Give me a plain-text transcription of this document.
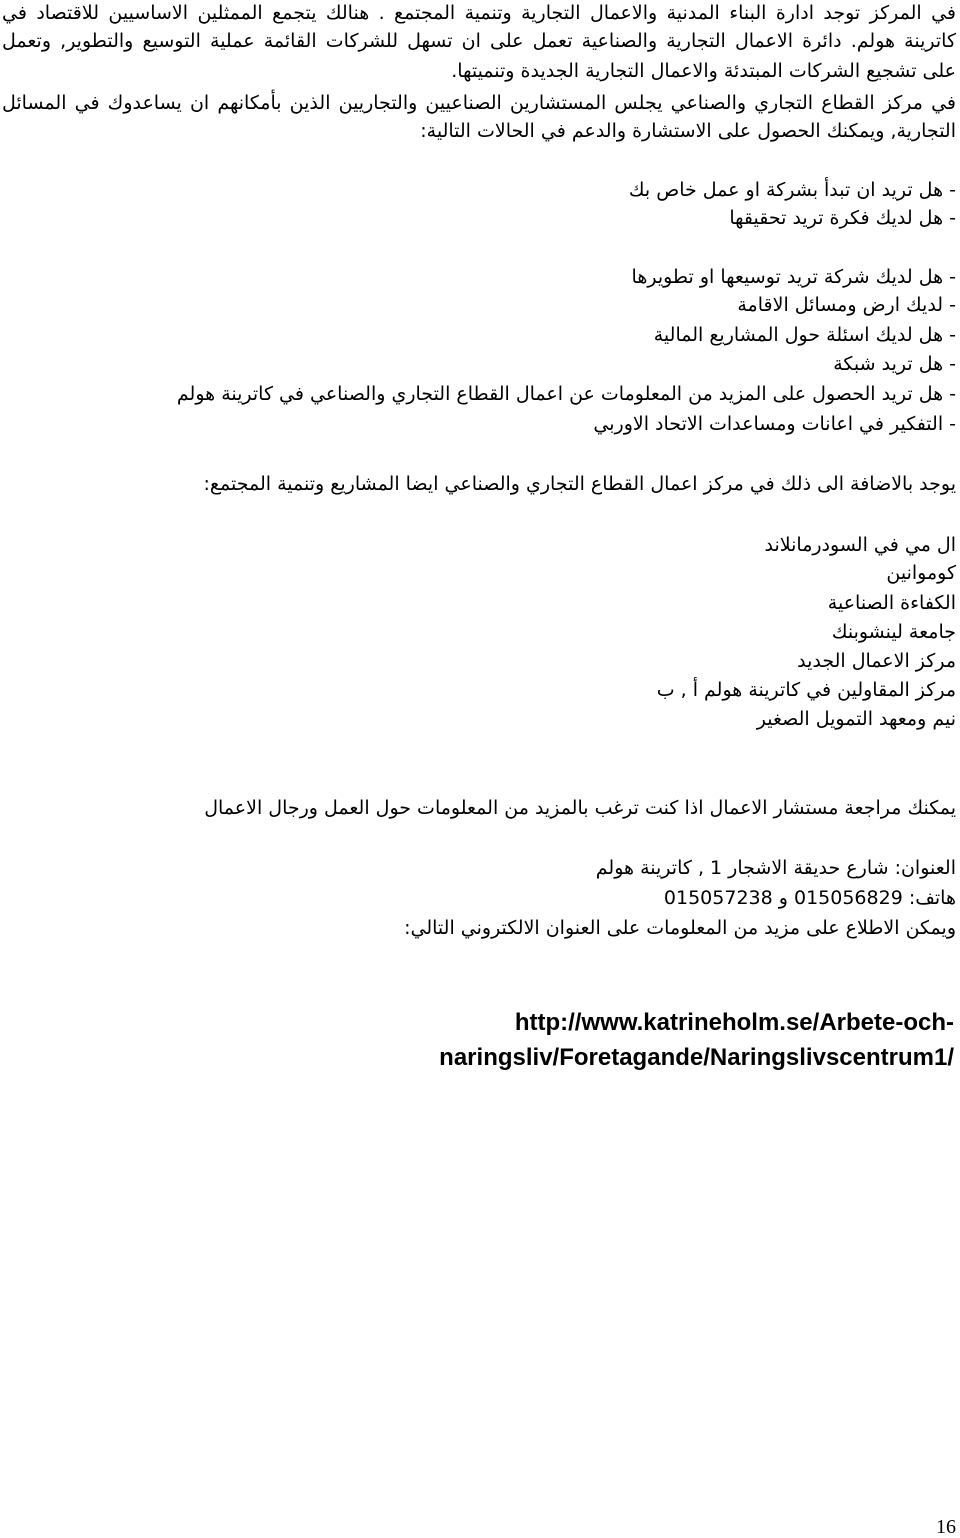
في المركز توجد ادارة البناء المدنية والاعمال التجارية وتنمية المجتمع . هنالك يتجمع الممثلين الاساسيين للاقتصاد في
كاترينة هولم. دائرة الاعمال التجارية والصناعية تعمل على ان تسهل للشركات القائمة عملية التوسيع والتطوير, وتعمل
على تشجيع الشركات المبتدئة والاعمال التجارية الجديدة وتنميتها.
في مركز القطاع التجاري والصناعي يجلس المستشارين الصناعيين والتجاريين الذين بأمكانهم ان يساعدوك في المسائل
التجارية, ويمكنك الحصول على الاستشارة والدعم في الحالات التالية:
- هل تريد ان تبدأ بشركة او عمل خاص بك
- هل لديك فكرة تريد تحقيقها
- هل لديك شركة تريد توسيعها او تطويرها
- لديك ارض ومسائل الاقامة
- هل لديك اسئلة حول المشاريع المالية
- هل تريد شبكة
- هل تريد الحصول على المزيد من المعلومات عن اعمال القطاع التجاري والصناعي في كاترينة هولم
- التفكير في اعانات ومساعدات الاتحاد الاوربي
يوجد بالاضافة الى ذلك في مركز اعمال القطاع التجاري والصناعي ايضا المشاريع وتنمية المجتمع:
ال مي في السودرمانلاند
كوموانين
الكفاءة الصناعية
جامعة لينشوبنك
مركز الاعمال الجديد
مركز المقاولين في كاترينة هولم أ , ب
نيم ومعهد التمويل الصغير
يمكنك مراجعة مستشار الاعمال اذا كنت ترغب بالمزيد من المعلومات حول العمل ورجال الاعمال
العنوان: شارع حديقة الاشجار 1 , كاترينة هولم
هاتف: 015056829 و 015057238
ويمكن الاطلاع على مزيد من المعلومات على العنوان الالكتروني التالي:
http://www.katrineholm.se/Arbete-och-
naringsliv/Foretagande/Naringslivscentrum1/
16
